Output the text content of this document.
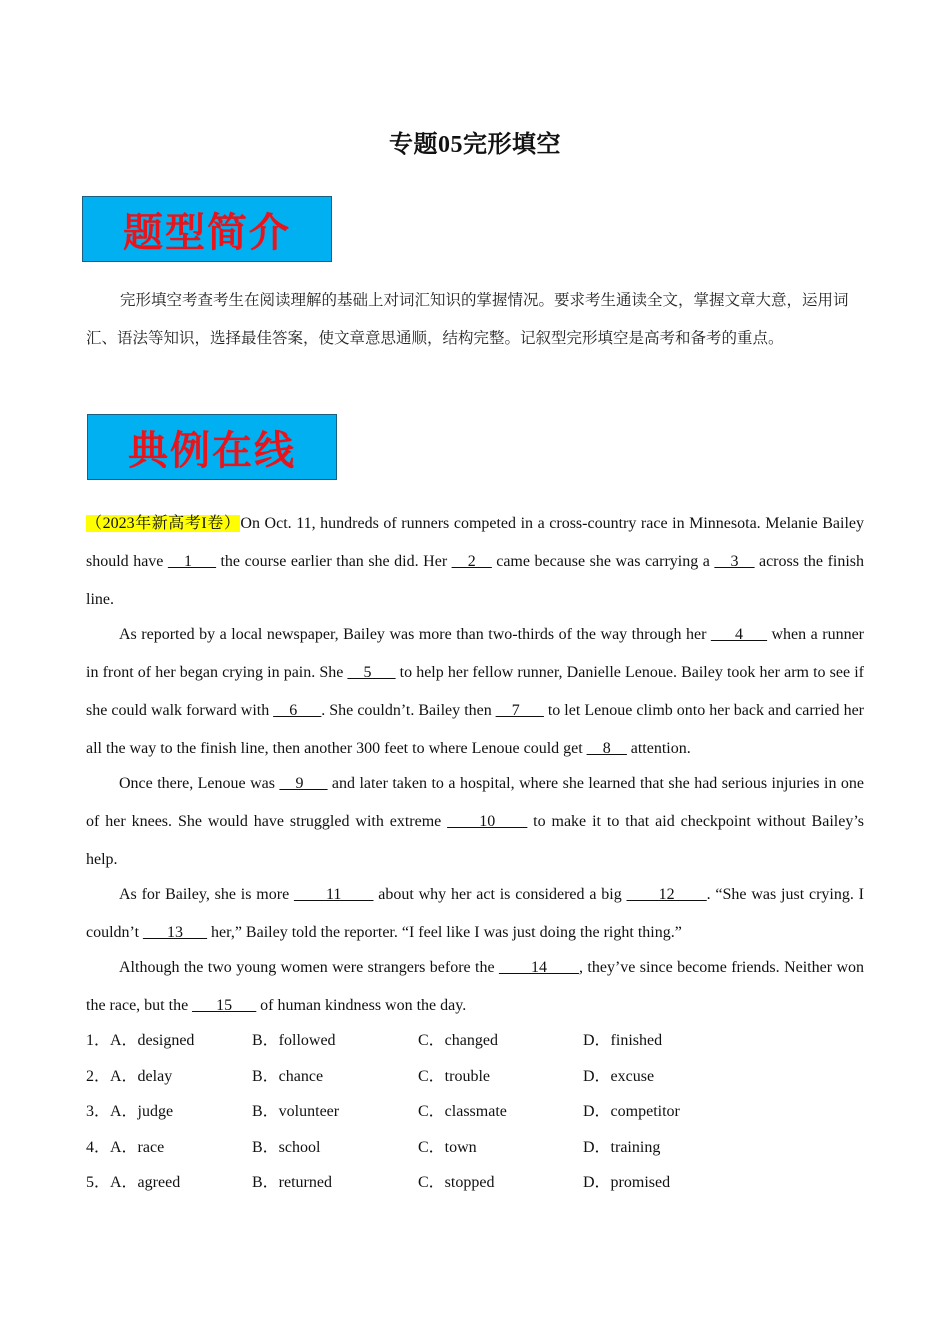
专题05完形填空
题型简介
完形填空考查考生在阅读理解的基础上对词汇知识的掌握情况。要求考生通读全文，掌握文章大意，运用词汇、语法等知识，选择最佳答案，使文章意思通顺，结构完整。记叙型完形填空是高考和备考的重点。
典例在线

（2023年新高考I卷）On Oct. 11, hundreds of runners competed in a cross-country race in Minnesota. Melanie Bailey should have __1___ the course earlier than she did. Her __2__ came because she was carrying a __3__ across the finish line.

As reported by a local newspaper, Bailey was more than two-thirds of the way through her ___4___ when a runner in front of her began crying in pain. She __5___ to help her fellow runner, Danielle Lenoue. Bailey took her arm to see if she could walk forward with __6___. She couldn’t. Bailey then __7___ to let Lenoue climb onto her back and carried her all the way to the finish line, then another 300 feet to where Lenoue could get __8__ attention.

Once there, Lenoue was __9___ and later taken to a hospital, where she learned that she had serious injuries in one of her knees. She would have struggled with extreme ____10____ to make it to that aid checkpoint without Bailey’s help.

As for Bailey, she is more ____11____ about why her act is considered a big ____12____. “She was just crying. I couldn’t ___13___ her,” Bailey told the reporter. “I feel like I was just doing the right thing.”

Although the two young women were strangers before the ____14____, they’ve since become friends. Neither won the race, but the ___15___ of human kindness won the day.

1．A．designed	B．followed	C．changed	D．finished
2．A．delay	B．chance	C．trouble	D．excuse
3．A．judge	B．volunteer	C．classmate	D．competitor
4．A．race	B．school	C．town	D．training
5．A．agreed	B．returned	C．stopped	D．promised
